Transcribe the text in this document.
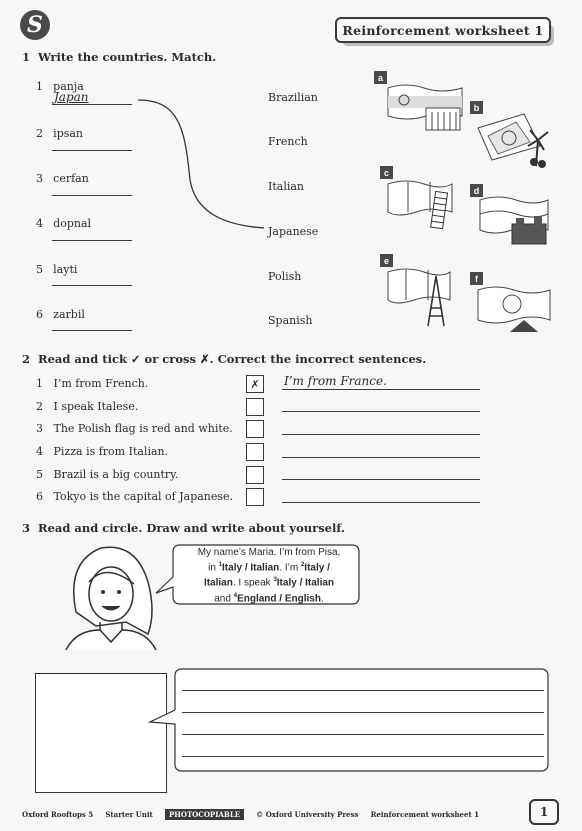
S	Reinforcement worksheet 1
1 Write the countries. Match.
1 panja
Japan
2 ipsan
3 cerfan
4 dopnal
5 layti
6 zarbil
Brazilian
French
Italian
Japanese
Polish
Spanish
a
b
c
d
e
f
2 Read and tick ✓ or cross ✗. Correct the incorrect sentences.
1 I’m from French.
2 I speak Italese.
3 The Polish flag is red and white.
4 Pizza is from Italian.
5 Brazil is a big country.
6 Tokyo is the capital of Japanese.
✗	I’m from France.
3 Read and circle. Draw and write about yourself.
My name’s Maria. I’m from Pisa,
in $^1$Italy / Italian. I’m $^2$Italy /
Italian. I speak $^3$Italy / Italian
and $^4$England / English.
Oxford Rooftops 5 Starter Unit PHOTOCOPIABLE © Oxford University Press Reinforcement worksheet 1	1
